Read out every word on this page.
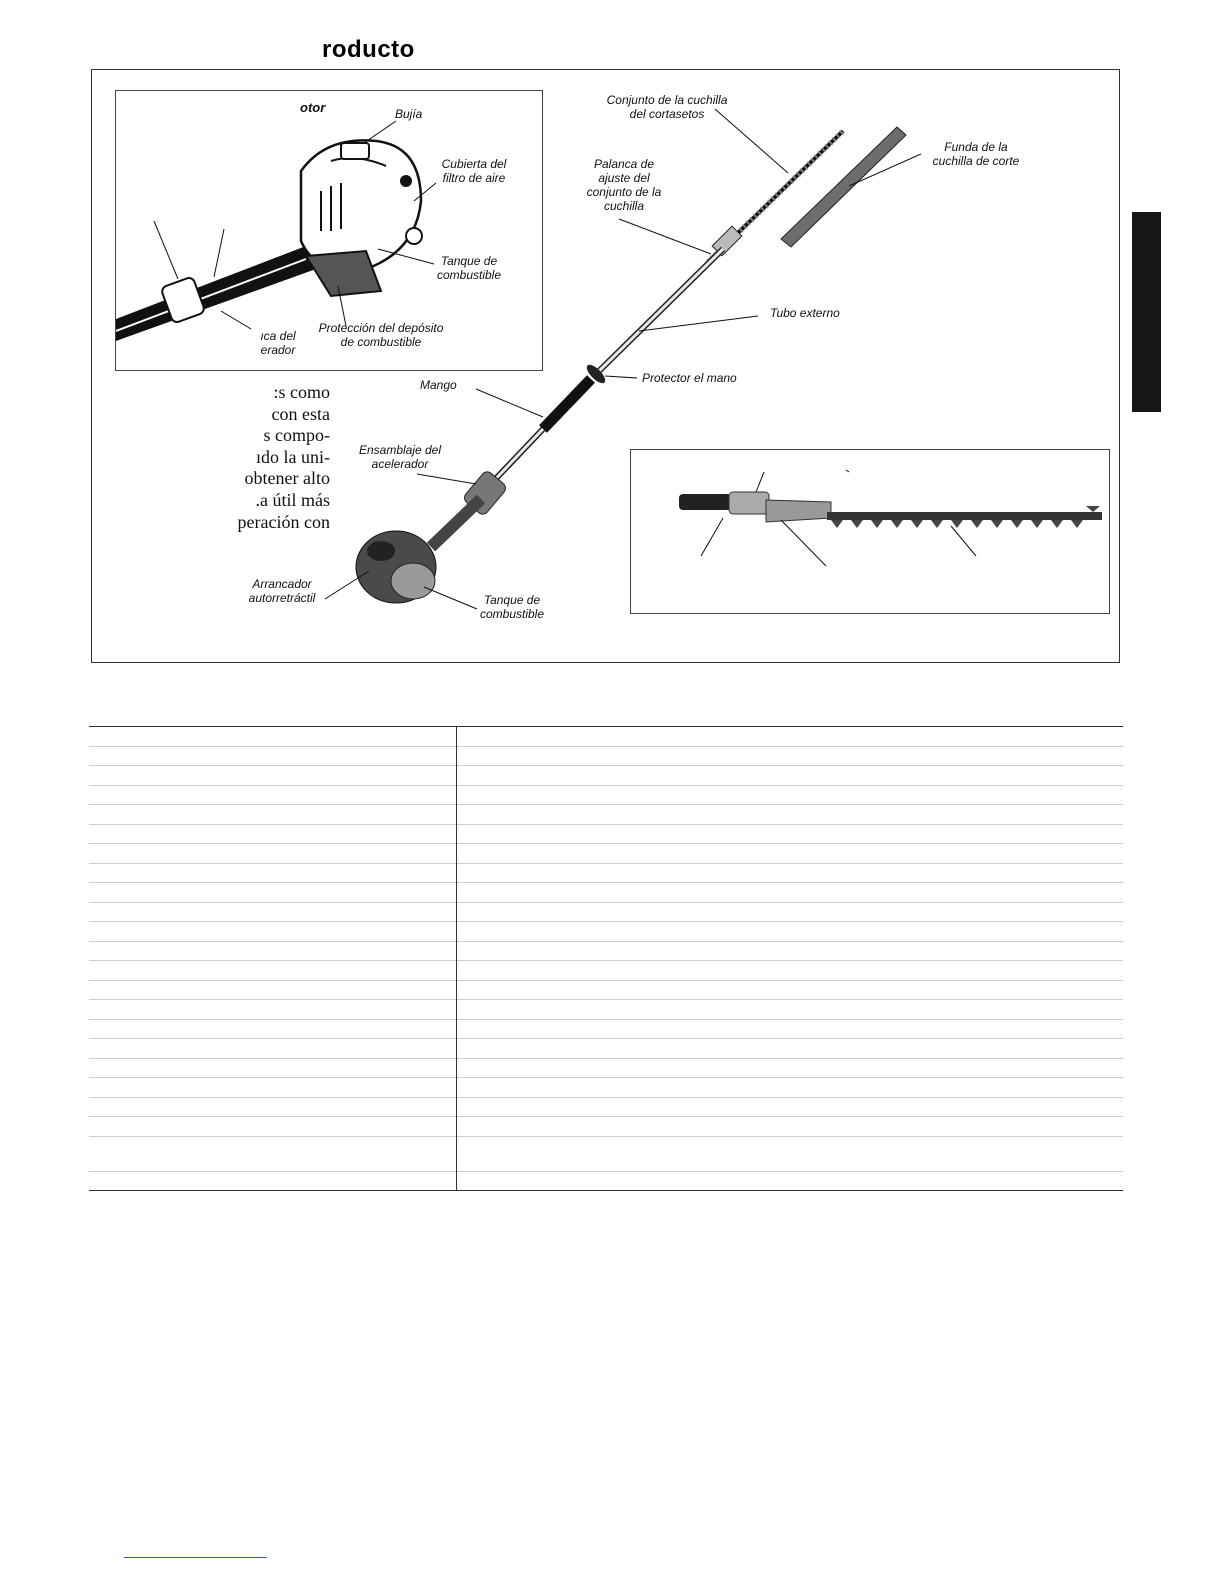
roducto
Conjunto de la cuchilla
del cortasetos
Funda de la
cuchilla de corte
Palanca de
ajuste del
conjunto de la
cuchilla
Tubo externo
Protector el mano
Mango
Ensamblaje del
acelerador
Arrancador
autorretráctil	Tanque de
combustible
otor	Bujía
Cubierta del
filtro de aire
Tanque de
combustible
Protección del depósito
de combustible
ıca del
erador
:s como
con esta
s compo-
ıdo la uni-
obtener alto
.a útil más
peración con
